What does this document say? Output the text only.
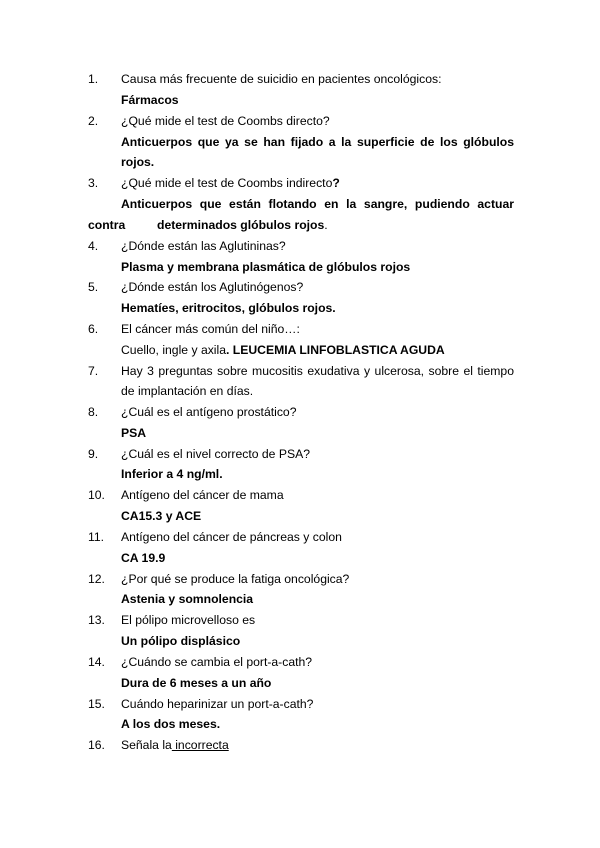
1. Causa más frecuente de suicidio en pacientes oncológicos:
Fármacos
2. ¿Qué mide el test de Coombs directo?
Anticuerpos que ya se han fijado a la superficie de los glóbulos
rojos.
3. ¿Qué mide el test de Coombs indirecto?
Anticuerpos que están flotando en la sangre, pudiendo actuar
contra	determinados glóbulos rojos.
4. ¿Dónde están las Aglutininas?
Plasma y membrana plasmática de glóbulos rojos
5. ¿Dónde están los Aglutinógenos?
Hematíes, eritrocitos, glóbulos rojos.
6. El cáncer más común del niño…:
Cuello, ingle y axila. LEUCEMIA LINFOBLASTICA AGUDA
7. Hay 3 preguntas sobre mucositis exudativa y ulcerosa, sobre el tiempo
de implantación en días.
8. ¿Cuál es el antígeno prostático?
PSA
9. ¿Cuál es el nivel correcto de PSA?
Inferior a 4 ng/ml.
10. Antígeno del cáncer de mama
CA15.3 y ACE
11. Antígeno del cáncer de páncreas y colon
CA 19.9
12. ¿Por qué se produce la fatiga oncológica?
Astenia y somnolencia
13. El pólipo microvelloso es
Un pólipo displásico
14. ¿Cuándo se cambia el port-a-cath?
Dura de 6 meses a un año
15. Cuándo heparinizar un port-a-cath?
A los dos meses.
16. Señala la incorrecta
